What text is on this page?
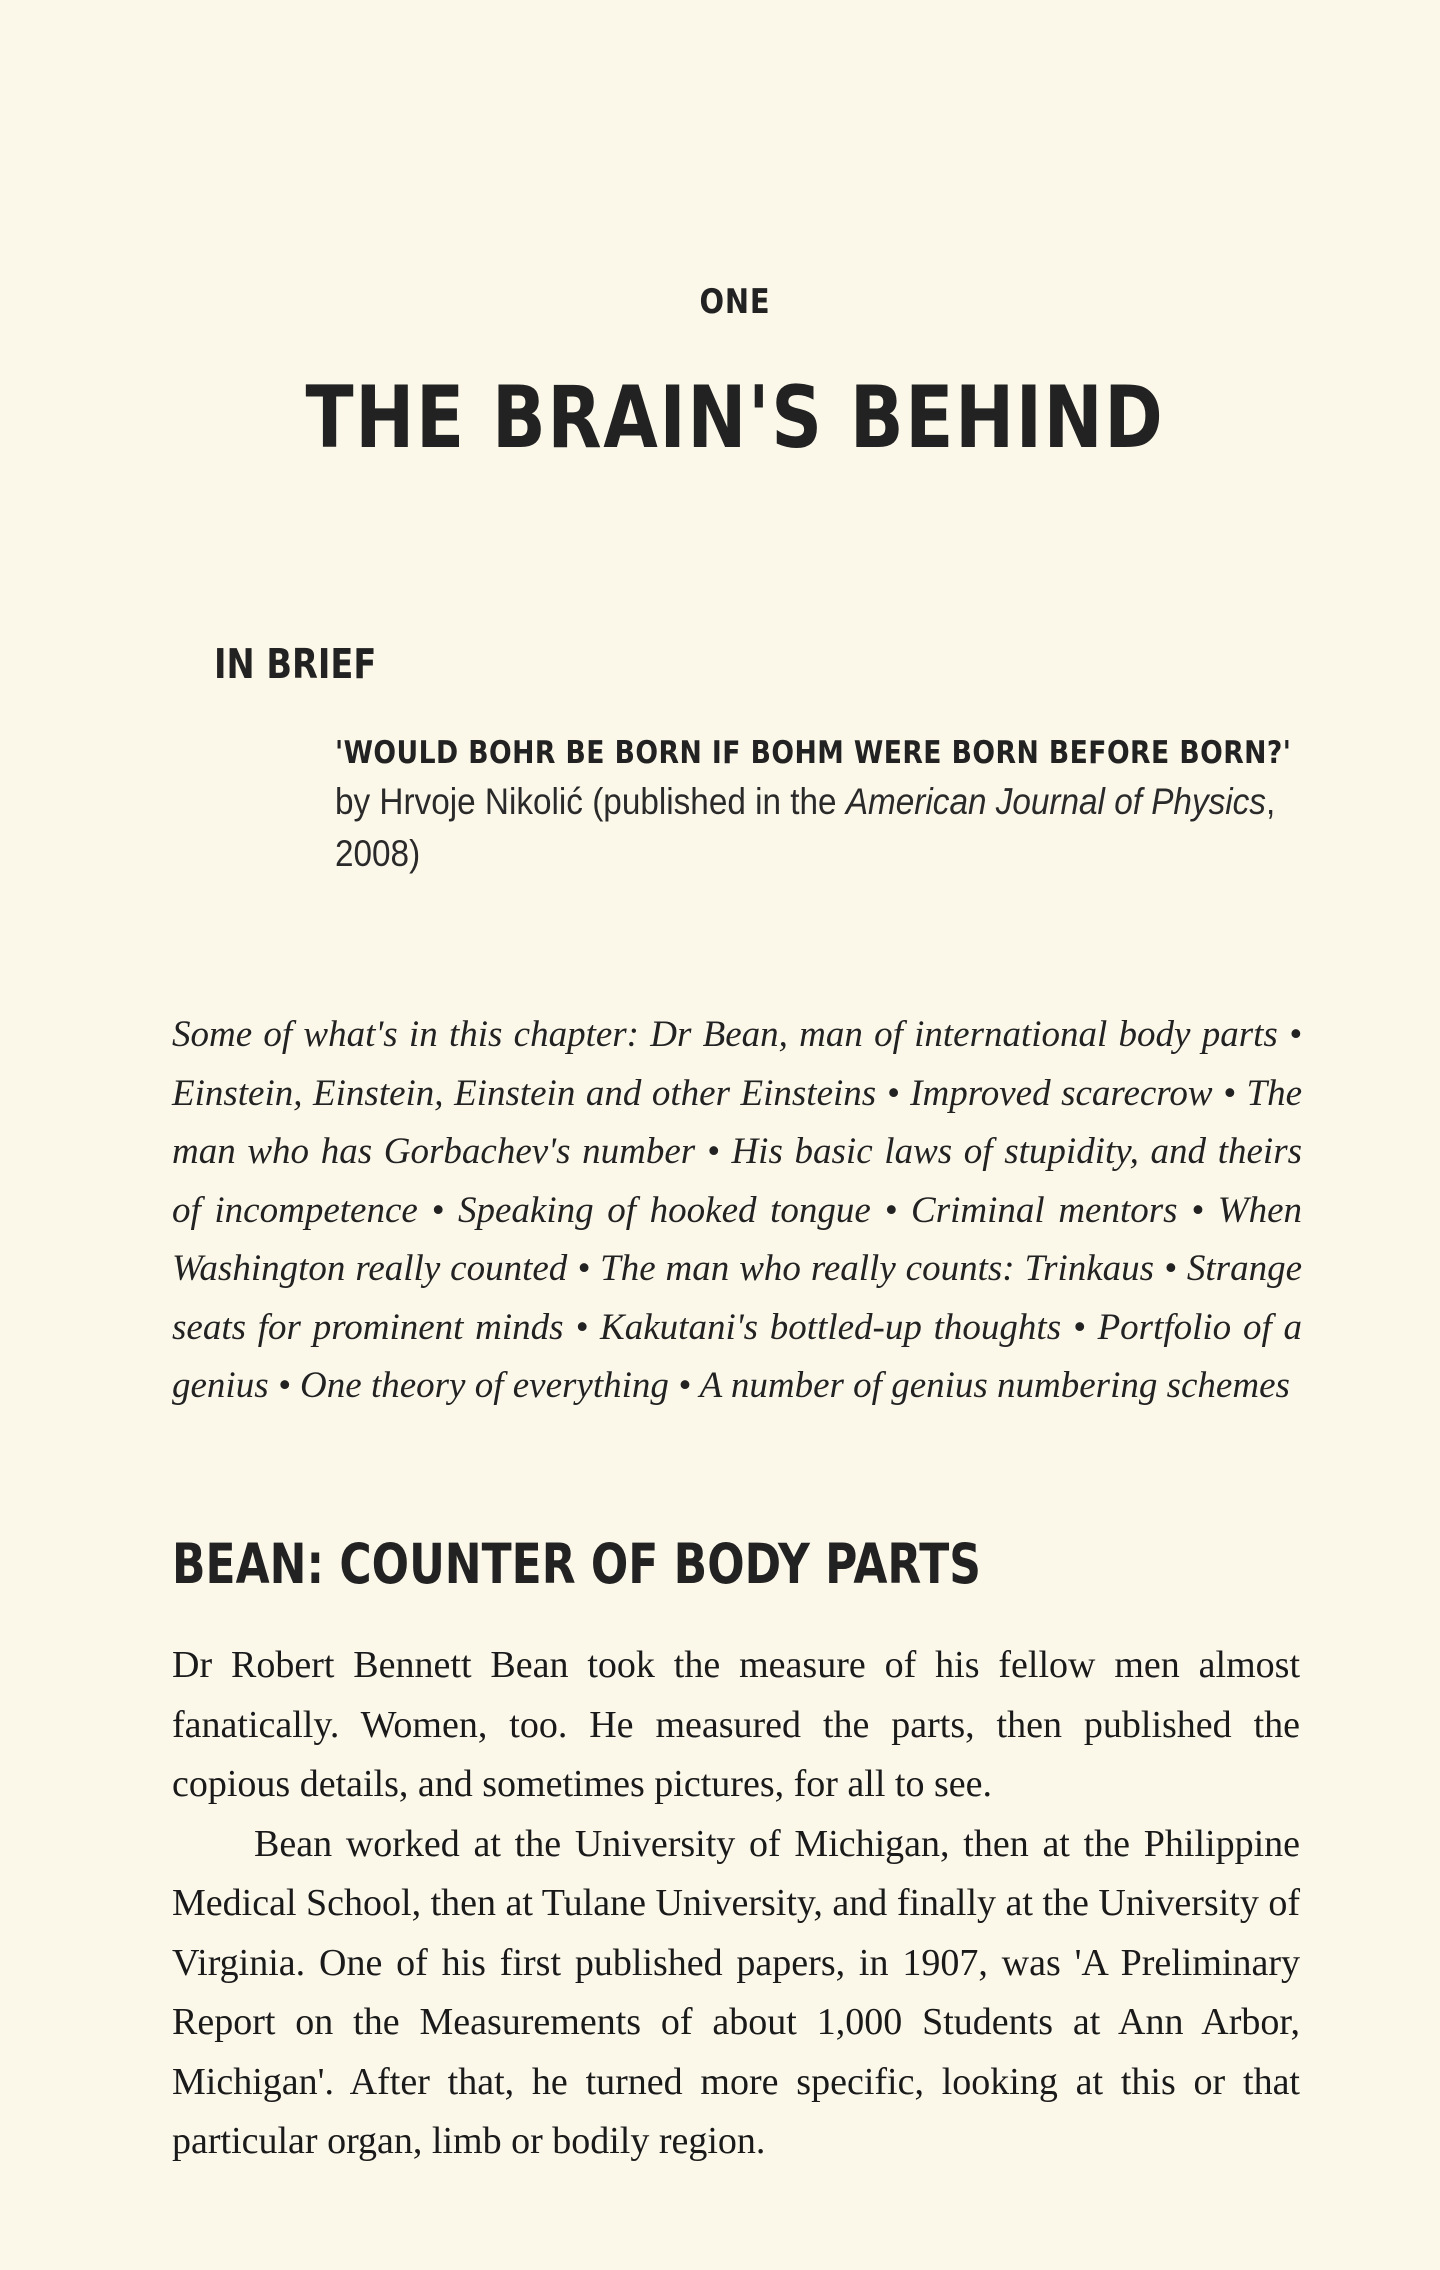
ONE
THE BRAIN'S BEHIND
IN BRIEF
'WOULD BOHR BE BORN IF BOHM WERE BORN BEFORE BORN?'
by Hrvoje Nikolić (published in the American Journal of Physics, 2008)
Some of what's in this chapter: Dr Bean, man of international body parts • Einstein, Einstein, Einstein and other Einsteins • Improved scarecrow • The man who has Gorbachev's number • His basic laws of stupidity, and theirs of incompetence • Speaking of hooked tongue • Criminal mentors • When Washington really counted • The man who really counts: Trinkaus • Strange seats for prominent minds • Kakutani's bottled-up thoughts • Portfolio of a genius • One theory of everything • A number of genius numbering schemes
BEAN: COUNTER OF BODY PARTS

Dr Robert Bennett Bean took the measure of his fellow men almost fanatically. Women, too. He measured the parts, then published the copious details, and sometimes pictures, for all to see.

Bean worked at the University of Michigan, then at the Philippine Medical School, then at Tulane University, and finally at the University of Virginia. One of his first published papers, in 1907, was 'A Preliminary Report on the Measurements of about 1,000 Students at Ann Arbor, Michigan'. After that, he turned more specific, looking at this or that particular organ, limb or bodily region.
